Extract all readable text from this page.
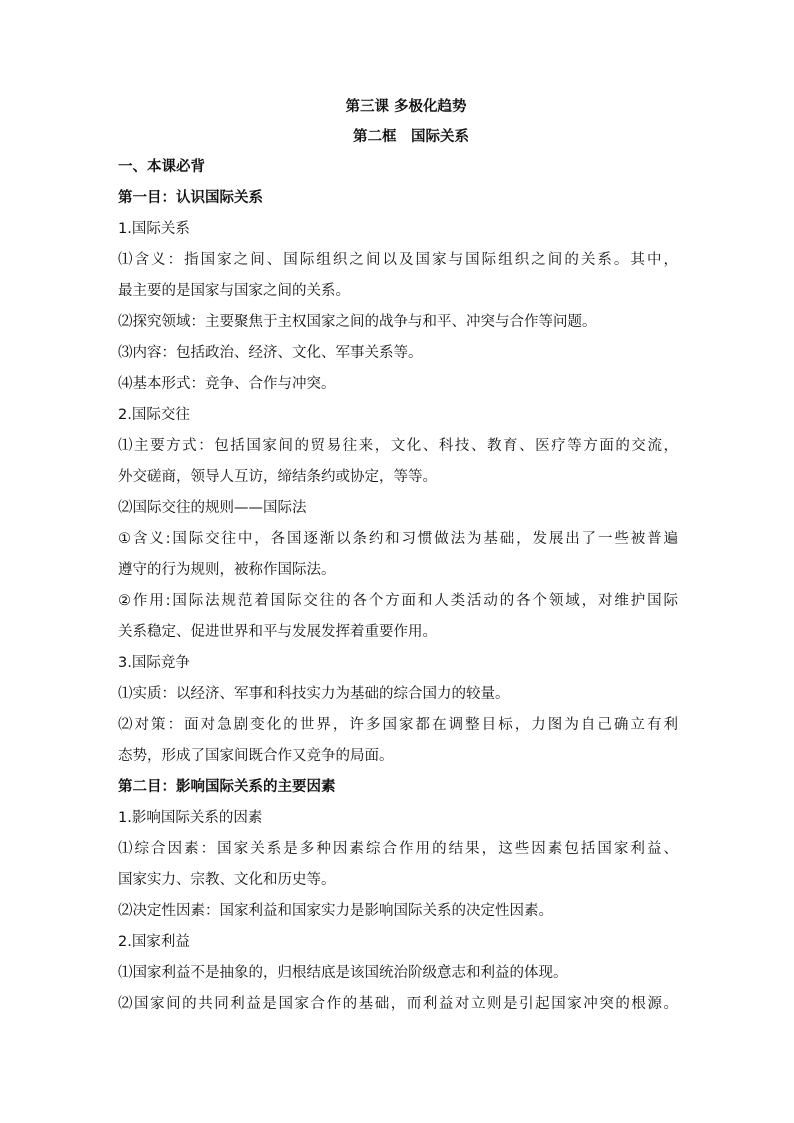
第三课 多极化趋势
第二框　国际关系
一、本课必背
第一目：认识国际关系
1.国际关系
⑴含义：指国家之间、国际组织之间以及国家与国际组织之间的关系。其中，
最主要的是国家与国家之间的关系。
⑵探究领域：主要聚焦于主权国家之间的战争与和平、冲突与合作等问题。
⑶内容：包括政治、经济、文化、军事关系等。
⑷基本形式：竞争、合作与冲突。
2.国际交往
⑴主要方式：包括国家间的贸易往来，文化、科技、教育、医疗等方面的交流，
外交磋商，领导人互访，缔结条约或协定，等等。
⑵国际交往的规则——国际法
①含义:国际交往中，各国逐渐以条约和习惯做法为基础，发展出了一些被普遍
遵守的行为规则，被称作国际法。
②作用:国际法规范着国际交往的各个方面和人类活动的各个领域，对维护国际
关系稳定、促进世界和平与发展发挥着重要作用。
3.国际竞争
⑴实质：以经济、军事和科技实力为基础的综合国力的较量。
⑵对策：面对急剧变化的世界，许多国家都在调整目标，力图为自己确立有利
态势，形成了国家间既合作又竞争的局面。
第二目：影响国际关系的主要因素
1.影响国际关系的因素
⑴综合因素：国家关系是多种因素综合作用的结果，这些因素包括国家利益、
国家实力、宗教、文化和历史等。
⑵决定性因素：国家利益和国家实力是影响国际关系的决定性因素。
2.国家利益
⑴国家利益不是抽象的，归根结底是该国统治阶级意志和利益的体现。
⑵国家间的共同利益是国家合作的基础，而利益对立则是引起国家冲突的根源。
